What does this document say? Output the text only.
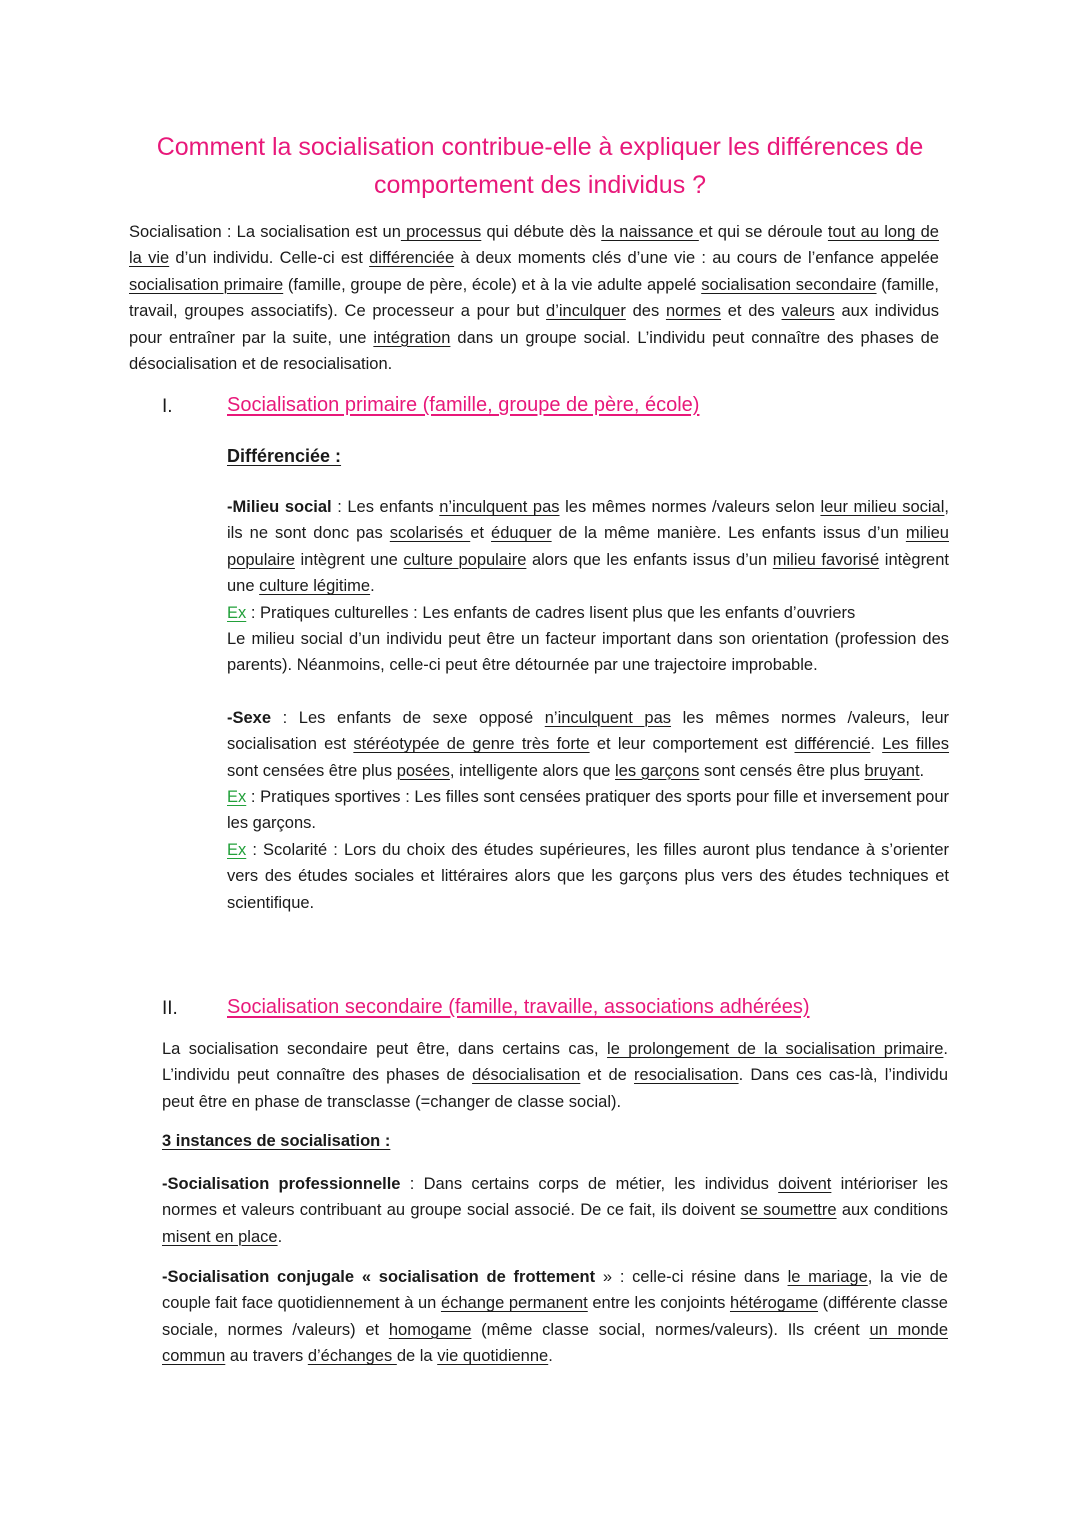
Comment la socialisation contribue-elle à expliquer les différences de
comportement des individus ?

Socialisation : La socialisation est un processus qui débute dès la naissance et qui se déroule tout au long de la vie d’un individu. Celle-ci est différenciée à deux moments clés d’une vie : au cours de l’enfance appelée socialisation primaire (famille, groupe de père, école) et à la vie adulte appelé socialisation secondaire (famille, travail, groupes associatifs). Ce processeur a pour but d’inculquer des normes et des valeurs aux individus pour entraîner par la suite, une intégration dans un groupe social. L’individu peut connaître des phases de désocialisation et de resocialisation.

I.	Socialisation primaire (famille, groupe de père, école)
Différenciée :

-Milieu social : Les enfants n’inculquent pas les mêmes normes /valeurs selon leur milieu social, ils ne sont donc pas scolarisés et éduquer de la même manière. Les enfants issus d’un milieu populaire intègrent une culture populaire alors que les enfants issus d’un milieu favorisé intègrent une culture légitime.

Ex : Pratiques culturelles : Les enfants de cadres lisent plus que les enfants d’ouvriers

Le milieu social d’un individu peut être un facteur important dans son orientation (profession des parents). Néanmoins, celle-ci peut être détournée par une trajectoire improbable.

-Sexe : Les enfants de sexe opposé n’inculquent pas les mêmes normes /valeurs, leur socialisation est stéréotypée de genre très forte et leur comportement est différencié. Les filles sont censées être plus posées, intelligente alors que les garçons sont censés être plus bruyant.

Ex : Pratiques sportives : Les filles sont censées pratiquer des sports pour fille et inversement pour les garçons.

Ex : Scolarité : Lors du choix des études supérieures, les filles auront plus tendance à s’orienter vers des études sociales et littéraires alors que les garçons plus vers des études techniques et scientifique.

II. Socialisation secondaire (famille, travaille, associations adhérées)

La socialisation secondaire peut être, dans certains cas, le prolongement de la socialisation primaire. L’individu peut connaître des phases de désocialisation et de resocialisation. Dans ces cas-là, l’individu peut être en phase de transclasse (=changer de classe social).

3 instances de socialisation :

-Socialisation professionnelle : Dans certains corps de métier, les individus doivent intérioriser les normes et valeurs contribuant au groupe social associé. De ce fait, ils doivent se soumettre aux conditions misent en place.

-Socialisation conjugale « socialisation de frottement » : celle-ci résine dans le mariage, la vie de couple fait face quotidiennement à un échange permanent entre les conjoints hétérogame (différente classe sociale, normes /valeurs) et homogame (même classe social, normes/valeurs). Ils créent un monde commun au travers d’échanges de la vie quotidienne.
